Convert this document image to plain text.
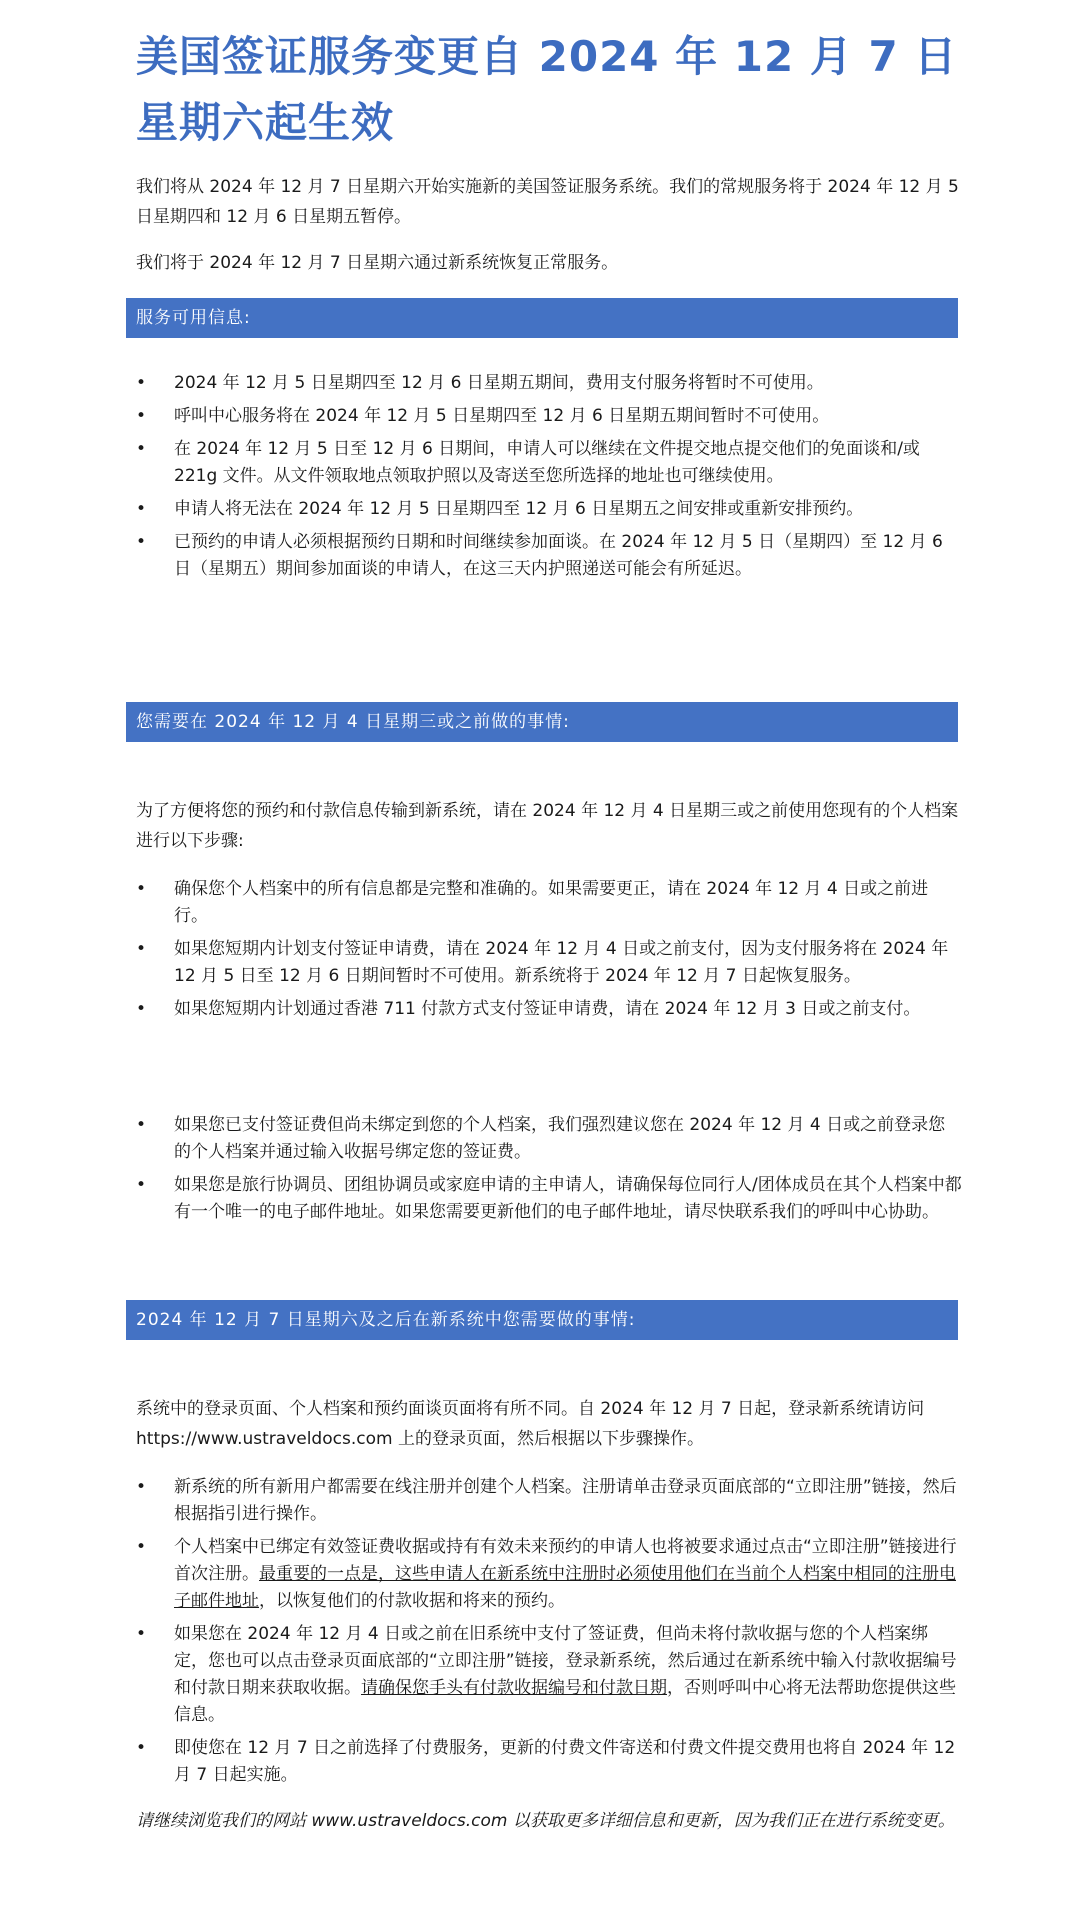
美国签证服务变更自 2024 年 12 月 7 日星期六起生效

我们将从 2024 年 12 月 7 日星期六开始实施新的美国签证服务系统。我们的常规服务将于 2024 年 12 月 5 日星期四和 12 月 6 日星期五暂停。

我们将于 2024 年 12 月 7 日星期六通过新系统恢复正常服务。

服务可用信息:
• 2024 年 12 月 5 日星期四至 12 月 6 日星期五期间，费用支付服务将暂时不可使用。
• 呼叫中心服务将在 2024 年 12 月 5 日星期四至 12 月 6 日星期五期间暂时不可使用。
• 在 2024 年 12 月 5 日至 12 月 6 日期间，申请人可以继续在文件提交地点提交他们的免面谈和/或 221g 文件。从文件领取地点领取护照以及寄送至您所选择的地址也可继续使用。
• 申请人将无法在 2024 年 12 月 5 日星期四至 12 月 6 日星期五之间安排或重新安排预约。
• 已预约的申请人必须根据预约日期和时间继续参加面谈。在 2024 年 12 月 5 日（星期四）至 12 月 6 日（星期五）期间参加面谈的申请人，在这三天内护照递送可能会有所延迟。
您需要在 2024 年 12 月 4 日星期三或之前做的事情:

为了方便将您的预约和付款信息传输到新系统，请在 2024 年 12 月 4 日星期三或之前使用您现有的个人档案进行以下步骤:

• 确保您个人档案中的所有信息都是完整和准确的。如果需要更正，请在 2024 年 12 月 4 日或之前进行。
• 如果您短期内计划支付签证申请费，请在 2024 年 12 月 4 日或之前支付，因为支付服务将在 2024 年 12 月 5 日至 12 月 6 日期间暂时不可使用。新系统将于 2024 年 12 月 7 日起恢复服务。
• 如果您短期内计划通过香港 711 付款方式支付签证申请费，请在 2024 年 12 月 3 日或之前支付。
• 如果您已支付签证费但尚未绑定到您的个人档案，我们强烈建议您在 2024 年 12 月 4 日或之前登录您的个人档案并通过输入收据号绑定您的签证费。
• 如果您是旅行协调员、团组协调员或家庭申请的主申请人，请确保每位同行人/团体成员在其个人档案中都有一个唯一的电子邮件地址。如果您需要更新他们的电子邮件地址，请尽快联系我们的呼叫中心协助。
2024 年 12 月 7 日星期六及之后在新系统中您需要做的事情:

系统中的登录页面、个人档案和预约面谈页面将有所不同。自 2024 年 12 月 7 日起，登录新系统请访问 https://www.ustraveldocs.com 上的登录页面，然后根据以下步骤操作。

• 新系统的所有新用户都需要在线注册并创建个人档案。注册请单击登录页面底部的“立即注册”链接，然后根据指引进行操作。
• 个人档案中已绑定有效签证费收据或持有有效未来预约的申请人也将被要求通过点击“立即注册”链接进行首次注册。最重要的一点是，这些申请人在新系统中注册时必须使用他们在当前个人档案中相同的注册电子邮件地址，以恢复他们的付款收据和将来的预约。
• 如果您在 2024 年 12 月 4 日或之前在旧系统中支付了签证费，但尚未将付款收据与您的个人档案绑定，您也可以点击登录页面底部的“立即注册”链接，登录新系统，然后通过在新系统中输入付款收据编号和付款日期来获取收据。请确保您手头有付款收据编号和付款日期，否则呼叫中心将无法帮助您提供这些信息。
• 即使您在 12 月 7 日之前选择了付费服务，更新的付费文件寄送和付费文件提交费用也将自 2024 年 12 月 7 日起实施。

请继续浏览我们的网站 www.ustraveldocs.com 以获取更多详细信息和更新，因为我们正在进行系统变更。
